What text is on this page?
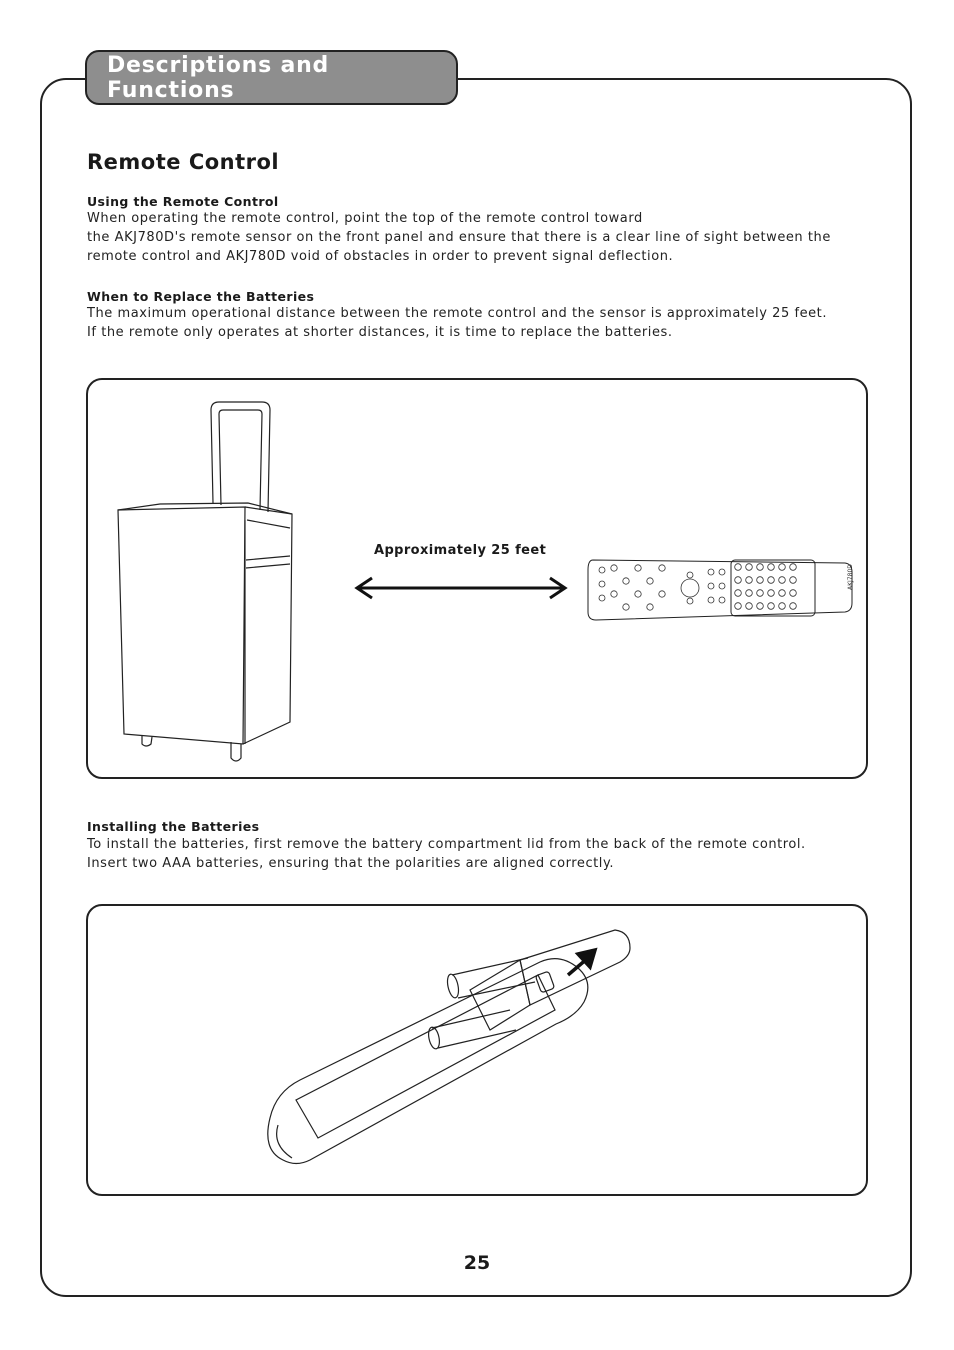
Descriptions and Functions
Remote Control
Using the Remote Control

When operating the remote control, point the top of the remote control toward

the AKJ780D's remote sensor on the front panel and ensure that there is a clear line of sight between the

remote control and AKJ780D void of obstacles in order to prevent signal deflection.

When to Replace the Batteries

The maximum operational distance between the remote control and the sensor is approximately 25 feet.

If the remote only operates at shorter distances, it is time to replace the batteries.

AKJ780D
Approximately 25 feet
Installing the Batteries

To install the batteries, first remove the battery compartment lid from the back of the remote control.

Insert two AAA batteries, ensuring that the polarities are aligned correctly.

25
